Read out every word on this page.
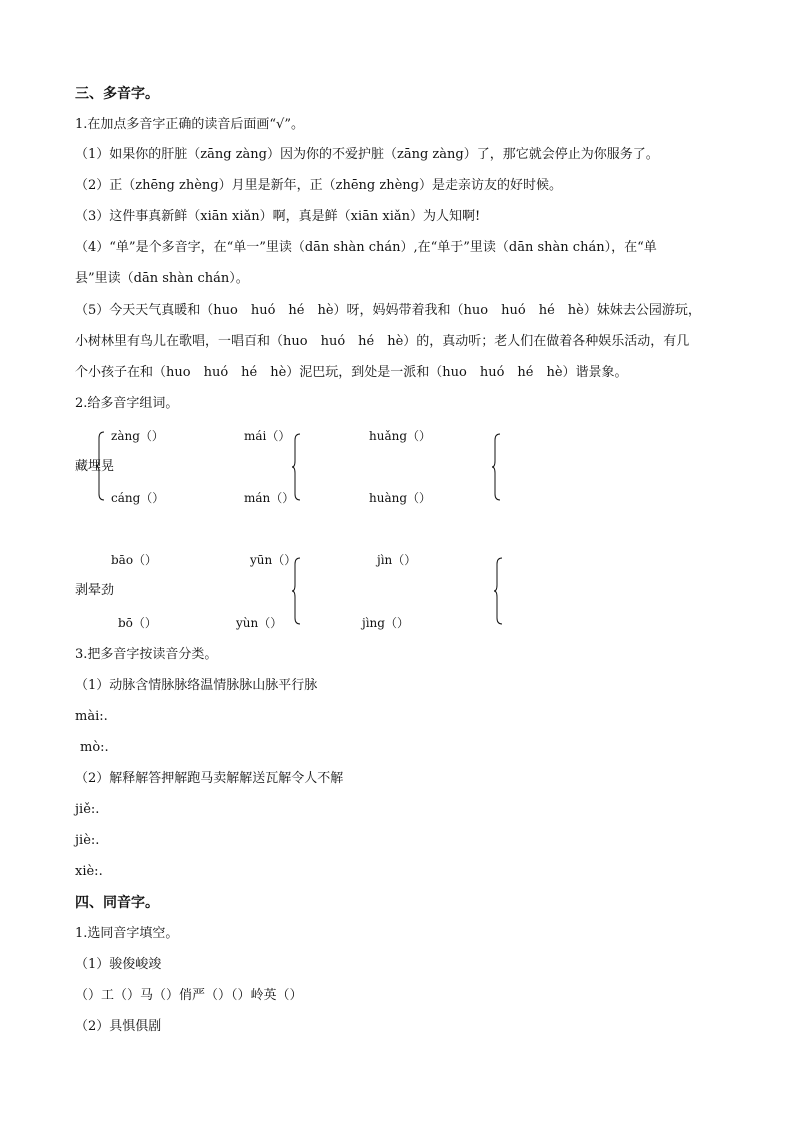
三、多音字。
1.在加点多音字正确的读音后面画“√”。
（1）如果你的肝脏（zāng zàng）因为你的不爱护脏（zāng zàng）了，那它就会停止为你服务了。
（2）正（zhēng zhèng）月里是新年，正（zhēng zhèng）是走亲访友的好时候。
（3）这件事真新鲜（xiān xiǎn）啊，真是鲜（xiān xiǎn）为人知啊!
（4）“单”是个多音字，在“单一”里读（dān shàn chán）,在“单于”里读（dān shàn chán），在“单
县”里读（dān shàn chán）。
（5）今天天气真暖和（huo　huó　hé　hè）呀，妈妈带着我和（huo　huó　hé　hè）妹妹去公园游玩，
小树林里有鸟儿在歌唱，一唱百和（huo　huó　hé　hè）的，真动听；老人们在做着各种娱乐活动，有几
个小孩子在和（huo　huó　hé　hè）泥巴玩，到处是一派和（huo　huó　hé　hè）谐景象。
2.给多音字组词。
zàng（）
藏埋晃
cáng（）
mái（）
mán（）
huǎng（）
huàng（）
bāo（）
剥晕劲
bō（）
yūn（）
yùn（）
jìn（）
jìng（）
3.把多音字按读音分类。
（1）动脉含情脉脉络温情脉脉山脉平行脉
mài:.
mò:.
（2）解释解答押解跑马卖解解送瓦解令人不解
jiě:.
jiè:.
xiè:.
四、同音字。
1.选同音字填空。
（1）骏俊峻竣
（）工（）马（）俏严（）（）岭英（）
（2）具惧俱剧
